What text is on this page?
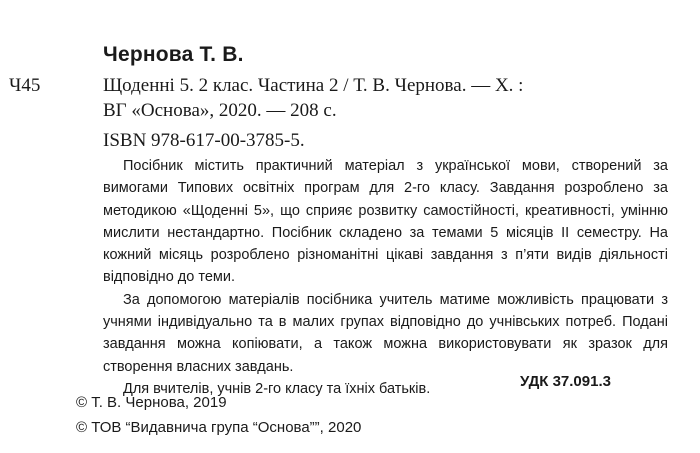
Чернова Т. В.
Ч45	Щоденні 5. 2 клас. Частина 2 / Т. В. Чернова. — Х. :
ВГ «Основа», 2020. — 208 с.
ISBN 978-617-00-3785-5.

Посібник містить практичний матеріал з української мови, створений за вимогами Типових освітніх програм для 2-го класу. Завдання розроблено за методикою «Щоденні 5», що сприяє розвитку самостійності, креативності, умінню мислити нестандартно. Посібник складено за темами 5 місяців ІІ семестру. На кожний місяць розроблено різноманітні цікаві завдання з п’яти видів діяльності відповідно до теми.

За допомогою матеріалів посібника учитель матиме можливість працювати з учнями індивідуально та в малих групах відповідно до учнівських потреб. Подані завдання можна копіювати, а також можна використовувати як зразок для створення власних завдань.

Для вчителів, учнів 2-го класу та їхніх батьків.	УДК 37.091.3
© Т. В. Чернова, 2019
© ТОВ “Видавнича група “Основа””, 2020
